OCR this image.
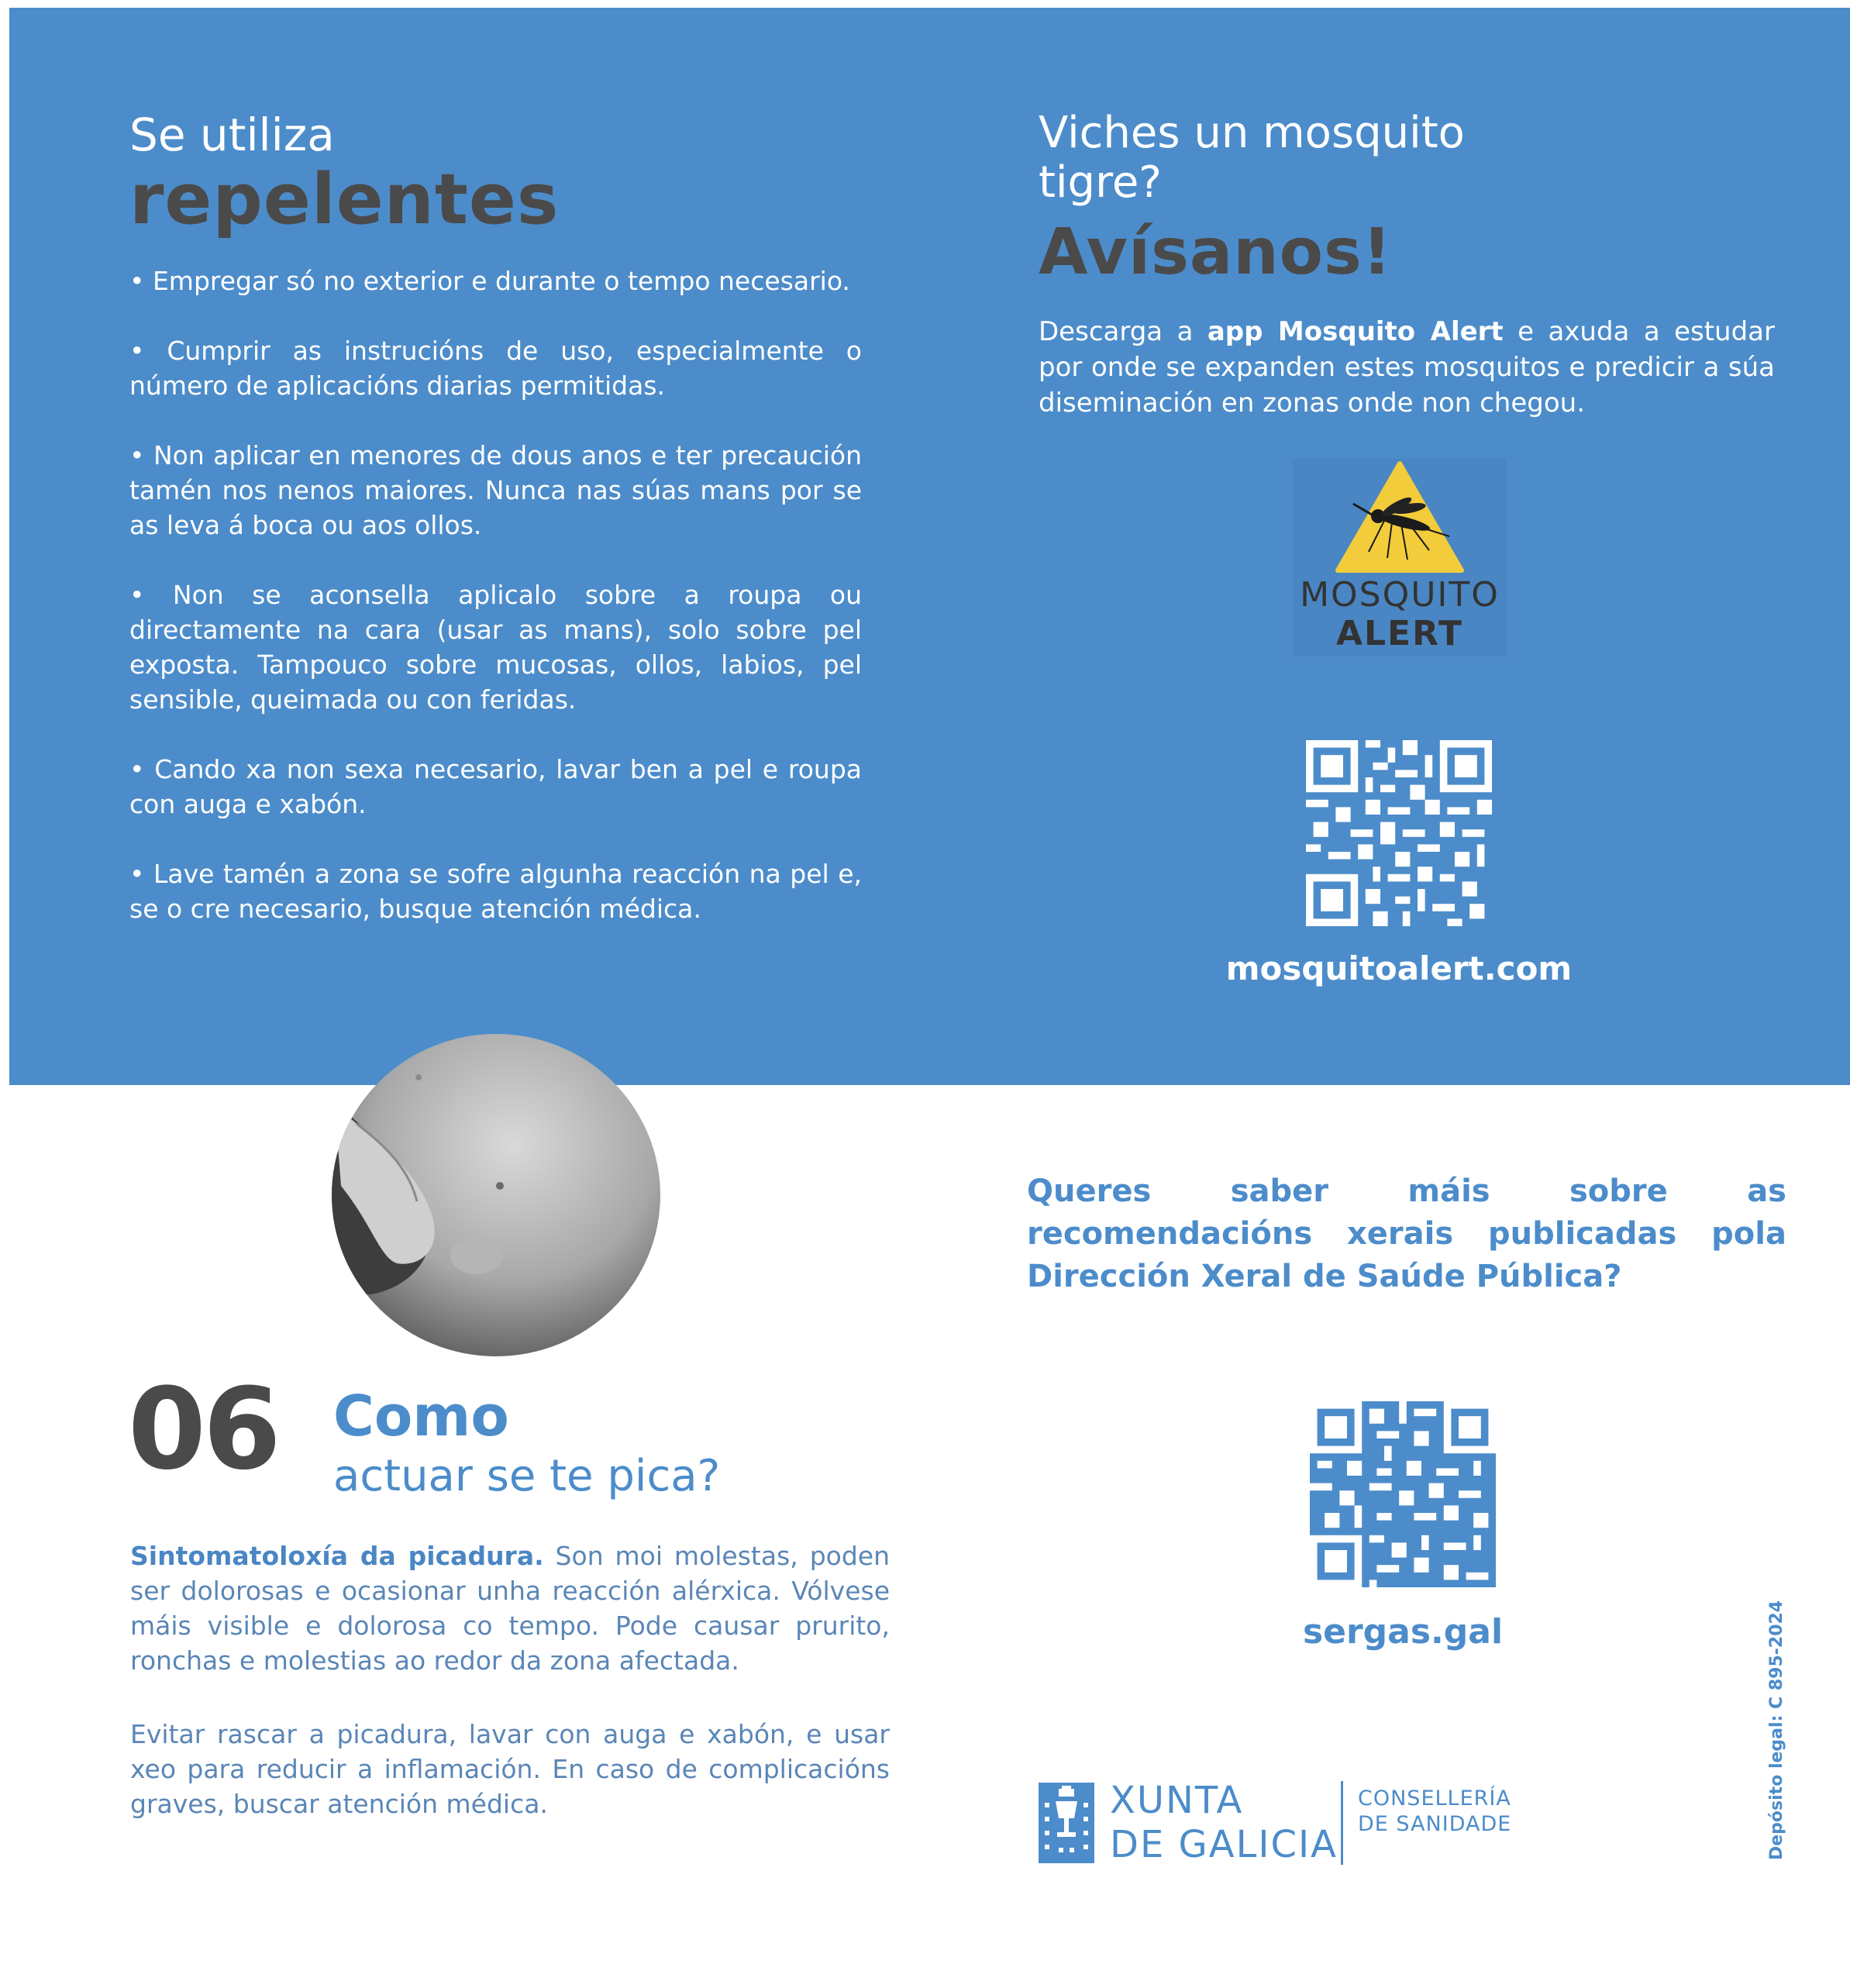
Se utiliza

repelentes

• Empregar só no exterior e durante o tempo necesario.
• Cumprir as instrucións de uso, especialmente o número de aplicacións diarias permitidas.
• Non aplicar en menores de dous anos e ter precaución tamén nos nenos maiores. Nunca nas súas mans por se as leva á boca ou aos ollos.
• Non se aconsella aplicalo sobre a roupa ou directamente na cara (usar as mans), solo sobre pel exposta. Tampouco sobre mucosas, ollos, labios, pel sensible, queimada ou con feridas.
• Cando xa non sexa necesario, lavar ben a pel e roupa con auga e xabón.
• Lave tamén a zona se sofre algunha reacción na pel e, se o cre necesario, busque atención médica.

Viches un mosquito tigre?

Avísanos!

Descarga a app Mosquito Alert e axuda a estudar por onde se expanden estes mosquitos e predicir a súa diseminación en zonas onde non chegou.

MOSQUITO
ALERT

mosquitoalert.com

06 Como

actuar se te pica?

Sintomatoloxía da picadura. Son moi molestas, poden ser dolorosas e ocasionar unha reacción alérxica. Vólvese máis visible e dolorosa co tempo. Pode causar prurito, ronchas e molestias ao redor da zona afectada.

Evitar rascar a picadura, lavar con auga e xabón, e usar xeo para reducir a inflamación. En caso de complicacións graves, buscar atención médica.

Queres saber máis sobre as recomendacións xerais publicadas pola Dirección Xeral de Saúde Pública?

sergas.gal

XUNTA

DE GALICIA

CONSELLERÍA

DE SANIDADE	Depósito legal: C 895-2024
